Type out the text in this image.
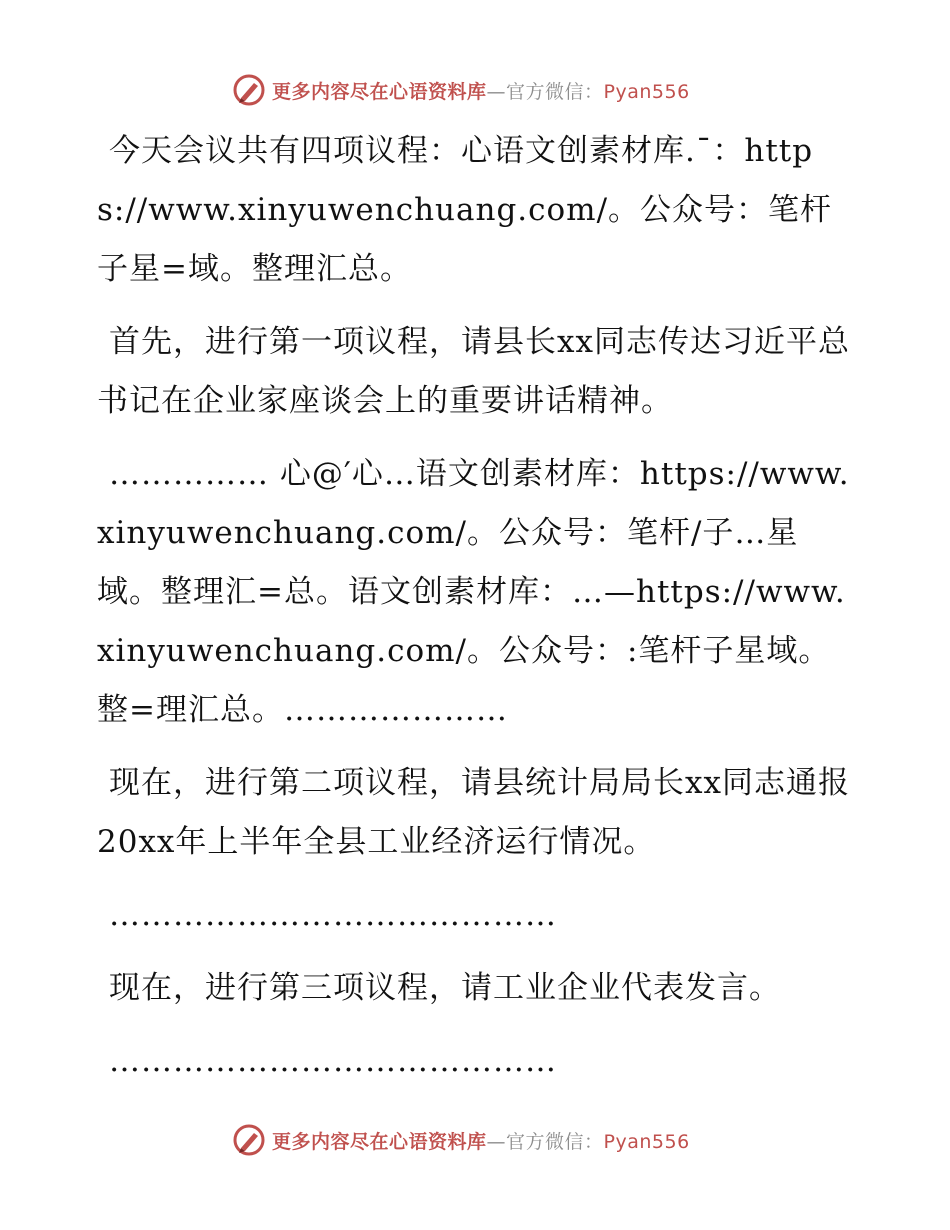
更多内容尽在心语资料库—官方微信：Pyan556

今天会议共有四项议程：心语文创素材库.¯：https://www.xinyuwenchuang.com/。公众号：笔杆子星=域。整理汇总。

首先，进行第一项议程，请县长xx同志传达习近平总书记在企业家座谈会上的重要讲话精神。

…………… 心@′心…语文创素材库：https://www.xinyuwenchuang.com/。公众号：笔杆/子…星域。整理汇=总。语文创素材库：…—https://www.xinyuwenchuang.com/。公众号：:笔杆子星域。整=理汇总。…………………

现在，进行第二项议程，请县统计局局长xx同志通报20xx年上半年全县工业经济运行情况。

……………………………………

现在，进行第三项议程，请工业企业代表发言。

……………………………………

更多内容尽在心语资料库—官方微信：Pyan556
